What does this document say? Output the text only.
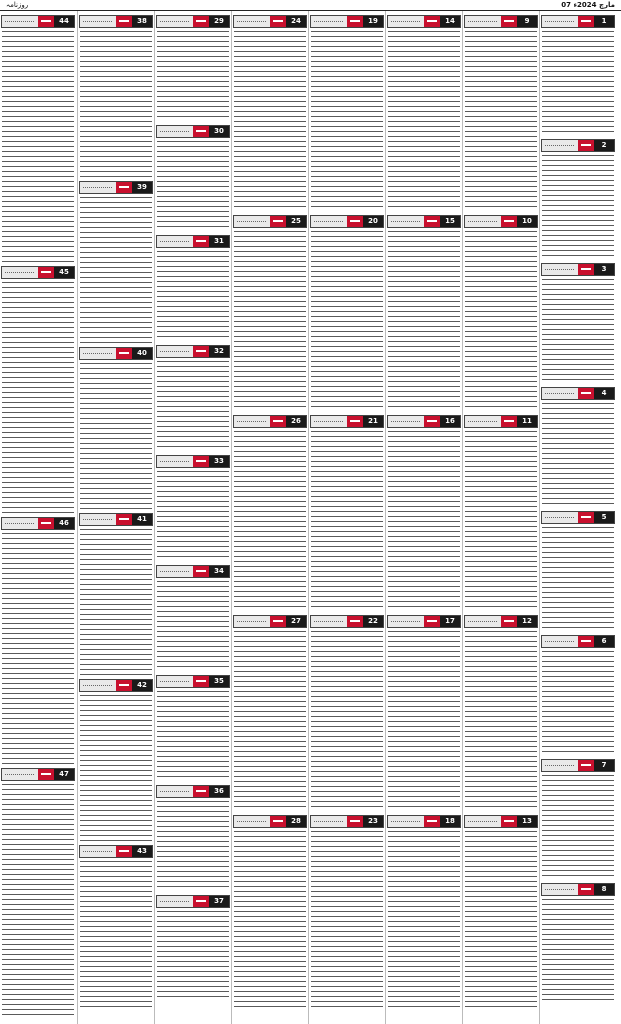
07 مارچ 2024ء
روزنامہ
44
45
46
47
38
39
40
41
42
43
29
30
31
32
33
34
35
36
37
24
25
26
27
28
19
20
21
22
23
14
15
16
17
18
9
10
11
12
13
1
2
3
4
5
6
7
8
